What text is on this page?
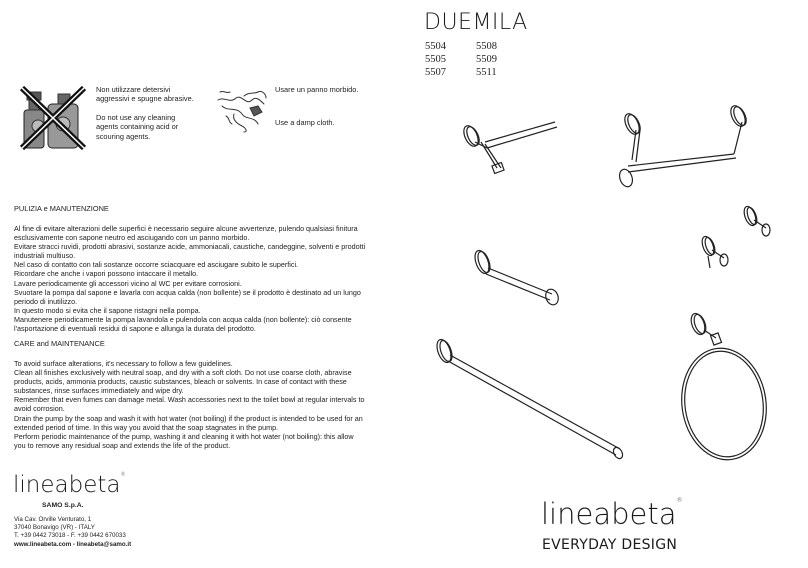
DUEMILA
5504
5505
5507
5508
5509
5511

Non utilizzare detersivi aggressivi e spugne abrasive.

Do not use any cleaning agents containing acid or scouring agents.

Usare un panno morbido.

Use a damp cloth.

PULIZIA e MANUTENZIONE
Al fine di evitare alterazioni delle superfici è necessario seguire alcune avvertenze, pulendo qualsiasi finitura
esclusivamente con sapone neutro ed asciugando con un panno morbido.
Evitare stracci ruvidi, prodotti abrasivi, sostanze acide, ammoniacali, caustiche, candeggine, solventi e prodotti
industriali multiuso.
Nel caso di contatto con tali sostanze occorre sciacquare ed asciugare subito le superfici.
Ricordare che anche i vapori possono intaccare il metallo.
Lavare periodicamente gli accessori vicino al WC per evitare corrosioni.
Svuotare la pompa dal sapone e lavarla con acqua calda (non bollente) se il prodotto è destinato ad un lungo
periodo di inutilizzo.
In questo modo si evita che il sapone ristagni nella pompa.
Manutenere periodicamente la pompa lavandola e pulendola con acqua calda (non bollente): ciò consente
l'asportazione di eventuali residui di sapone e allunga la durata del prodotto.
CARE and MAINTENANCE
To avoid surface alterations, it's necessary to follow a few guidelines.
Clean all finishes exclusively with neutral soap, and dry with a soft cloth. Do not use coarse cloth, abravise
products, acids, ammonia products, caustic substances, bleach or solvents. In case of contact with these
substances, rinse surfaces immediately and wipe dry.
Remember that even fumes can damage metal. Wash accessories next to the toilet bowl at regular intervals to
avoid corrosion.
Drain the pump by the soap and wash it with hot water (not boiling) if the product is intended to be used for an
extended period of time. In this way you avoid that the soap stagnates in the pump.
Perform periodic maintenance of the pump, washing it and cleaning it with hot water (not boiling): this allow
you to remove any residual soap and extends the life of the product.
lineabeta®
SAMO S.p.A.
Via Cav. Orville Venturato, 1
37040 Bonavigo (VR) - ITALY
T. +39 0442 73018 - F. +39 0442 670033
www.lineabeta.com - lineabeta@samo.it
lineabeta®
EVERYDAY DESIGN
